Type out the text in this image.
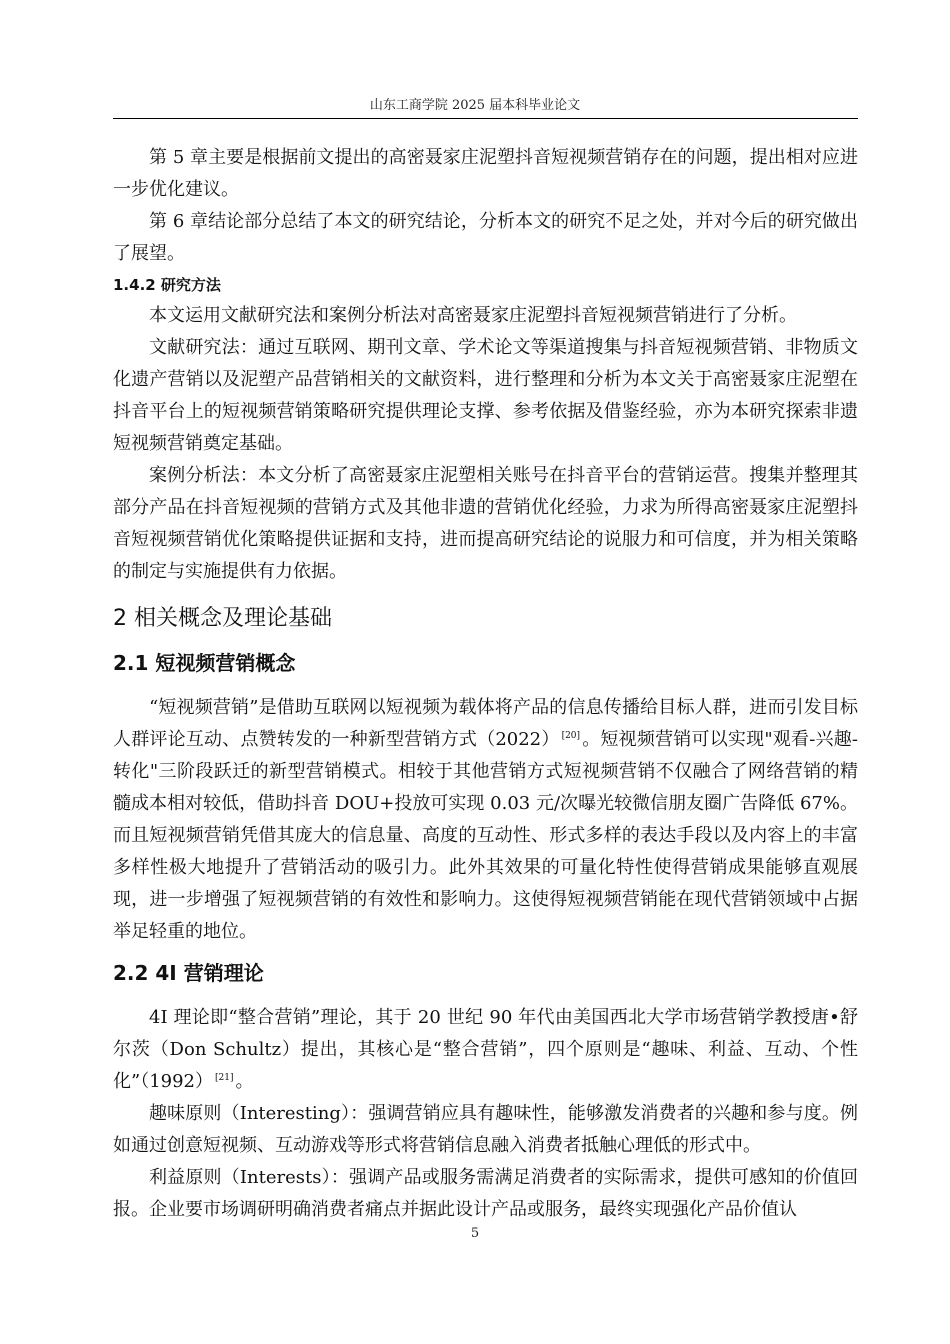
山东工商学院 2025 届本科毕业论文

第 5 章主要是根据前文提出的高密聂家庄泥塑抖音短视频营销存在的问题，提出相对应进一步优化建议。

第 6 章结论部分总结了本文的研究结论，分析本文的研究不足之处，并对今后的研究做出了展望。

1.4.2 研究方法

本文运用文献研究法和案例分析法对高密聂家庄泥塑抖音短视频营销进行了分析。

文献研究法：通过互联网、期刊文章、学术论文等渠道搜集与抖音短视频营销、非物质文化遗产营销以及泥塑产品营销相关的文献资料，进行整理和分析为本文关于高密聂家庄泥塑在抖音平台上的短视频营销策略研究提供理论支撑、参考依据及借鉴经验，亦为本研究探索非遗短视频营销奠定基础。

案例分析法：本文分析了高密聂家庄泥塑相关账号在抖音平台的营销运营。搜集并整理其部分产品在抖音短视频的营销方式及其他非遗的营销优化经验，力求为所得高密聂家庄泥塑抖音短视频营销优化策略提供证据和支持，进而提高研究结论的说服力和可信度，并为相关策略的制定与实施提供有力依据。

2 相关概念及理论基础
2.1 短视频营销概念

“短视频营销”是借助互联网以短视频为载体将产品的信息传播给目标人群，进而引发目标人群评论互动、点赞转发的一种新型营销方式（2022） [20] 。短视频营销可以实现"观看-兴趣-转化"三阶段跃迁的新型营销模式。相较于其他营销方式短视频营销不仅融合了网络营销的精髓成本相对较低，借助抖音 DOU+投放可实现 0.03 元/次曝光较微信朋友圈广告降低 67%。而且短视频营销凭借其庞大的信息量、高度的互动性、形式多样的表达手段以及内容上的丰富多样性极大地提升了营销活动的吸引力。此外其效果的可量化特性使得营销成果能够直观展现，进一步增强了短视频营销的有效性和影响力。这使得短视频营销能在现代营销领域中占据举足轻重的地位。

2.2 4I 营销理论

4I 理论即“整合营销”理论，其于 20 世纪 90 年代由美国西北大学市场营销学教授唐•舒尔茨（Don Schultz）提出，其核心是“整合营销”，四个原则是“趣味、利益、互动、个性化”（1992） [21] 。

趣味原则（Interesting）：强调营销应具有趣味性，能够激发消费者的兴趣和参与度。例如通过创意短视频、互动游戏等形式将营销信息融入消费者抵触心理低的形式中。

利益原则（Interests）：强调产品或服务需满足消费者的实际需求，提供可感知的价值回报。企业要市场调研明确消费者痛点并据此设计产品或服务，最终实现强化产品价值认

5
